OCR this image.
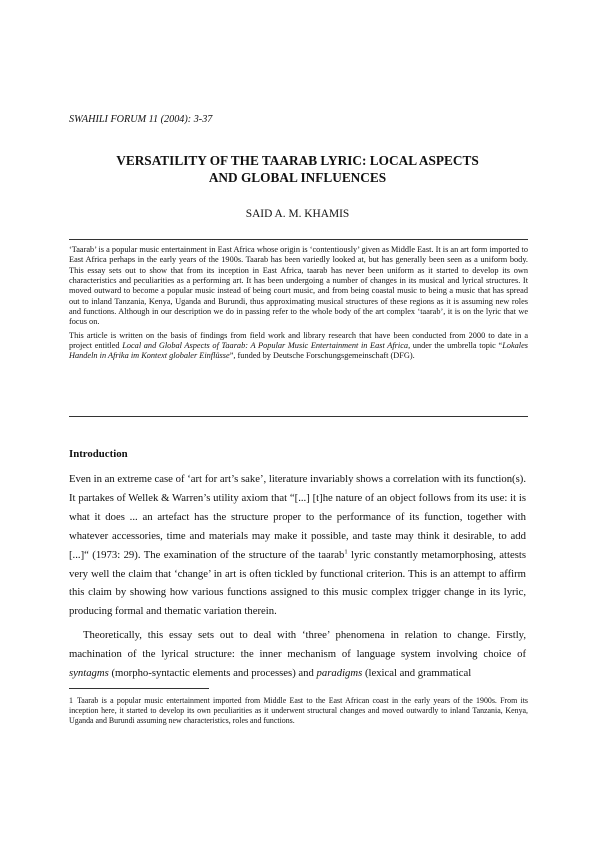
SWAHILI FORUM 11 (2004): 3-37
VERSATILITY OF THE TAARAB LYRIC: LOCAL ASPECTS
AND GLOBAL INFLUENCES
SAID A. M. KHAMIS

‘Taarab’ is a popular music entertainment in East Africa whose origin is ‘contentiously’ given as Middle East. It is an art form imported to East Africa perhaps in the early years of the 1900s. Taarab has been variedly looked at, but has generally been seen as a uniform body. This essay sets out to show that from its inception in East Africa, taarab has never been uniform as it started to develop its own characteristics and peculiarities as a performing art. It has been undergoing a number of changes in its musical and lyrical structures. It moved outward to become a popular music instead of being court music, and from being coastal music to being a music that has spread out to inland Tanzania, Kenya, Uganda and Burundi, thus approximating musical structures of these regions as it is assuming new roles and functions. Although in our description we do in passing refer to the whole body of the art complex ‘taarab’, it is on the lyric that we focus on.

This article is written on the basis of findings from field work and library research that have been conducted from 2000 to date in a project entitled Local and Global Aspects of Taarab: A Popular Music Entertainment in East Africa, under the umbrella topic “Lokales Handeln in Afrika im Kontext globaler Einflüsse”, funded by Deutsche Forschungsgemeinschaft (DFG).

Introduction

Even in an extreme case of ‘art for art’s sake’, literature invariably shows a correlation with its function(s). It partakes of Wellek & Warren’s utility axiom that “[...] [t]he nature of an object follows from its use: it is what it does ... an artefact has the structure proper to the performance of its function, together with whatever accessories, time and materials may make it possible, and taste may think it desirable, to add [...]“ (1973: 29). The examination of the structure of the taarab$^1$ lyric constantly metamorphosing, attests very well the claim that ‘change’ in art is often tickled by functional criterion. This is an attempt to affirm this claim by showing how various functions assigned to this music complex trigger change in its lyric, producing formal and thematic variation therein.

Theoretically, this essay sets out to deal with ‘three’ phenomena in relation to change. Firstly, machination of the lyrical structure: the inner mechanism of language system involving choice of syntagms (morpho-syntactic elements and processes) and paradigms (lexical and grammatical

1 Taarab is a popular music entertainment imported from Middle East to the East African coast in the early years of the 1900s. From its inception here, it started to develop its own peculiarities as it underwent structural changes and moved outwardly to inland Tanzania, Kenya, Uganda and Burundi assuming new characteristics, roles and functions.
